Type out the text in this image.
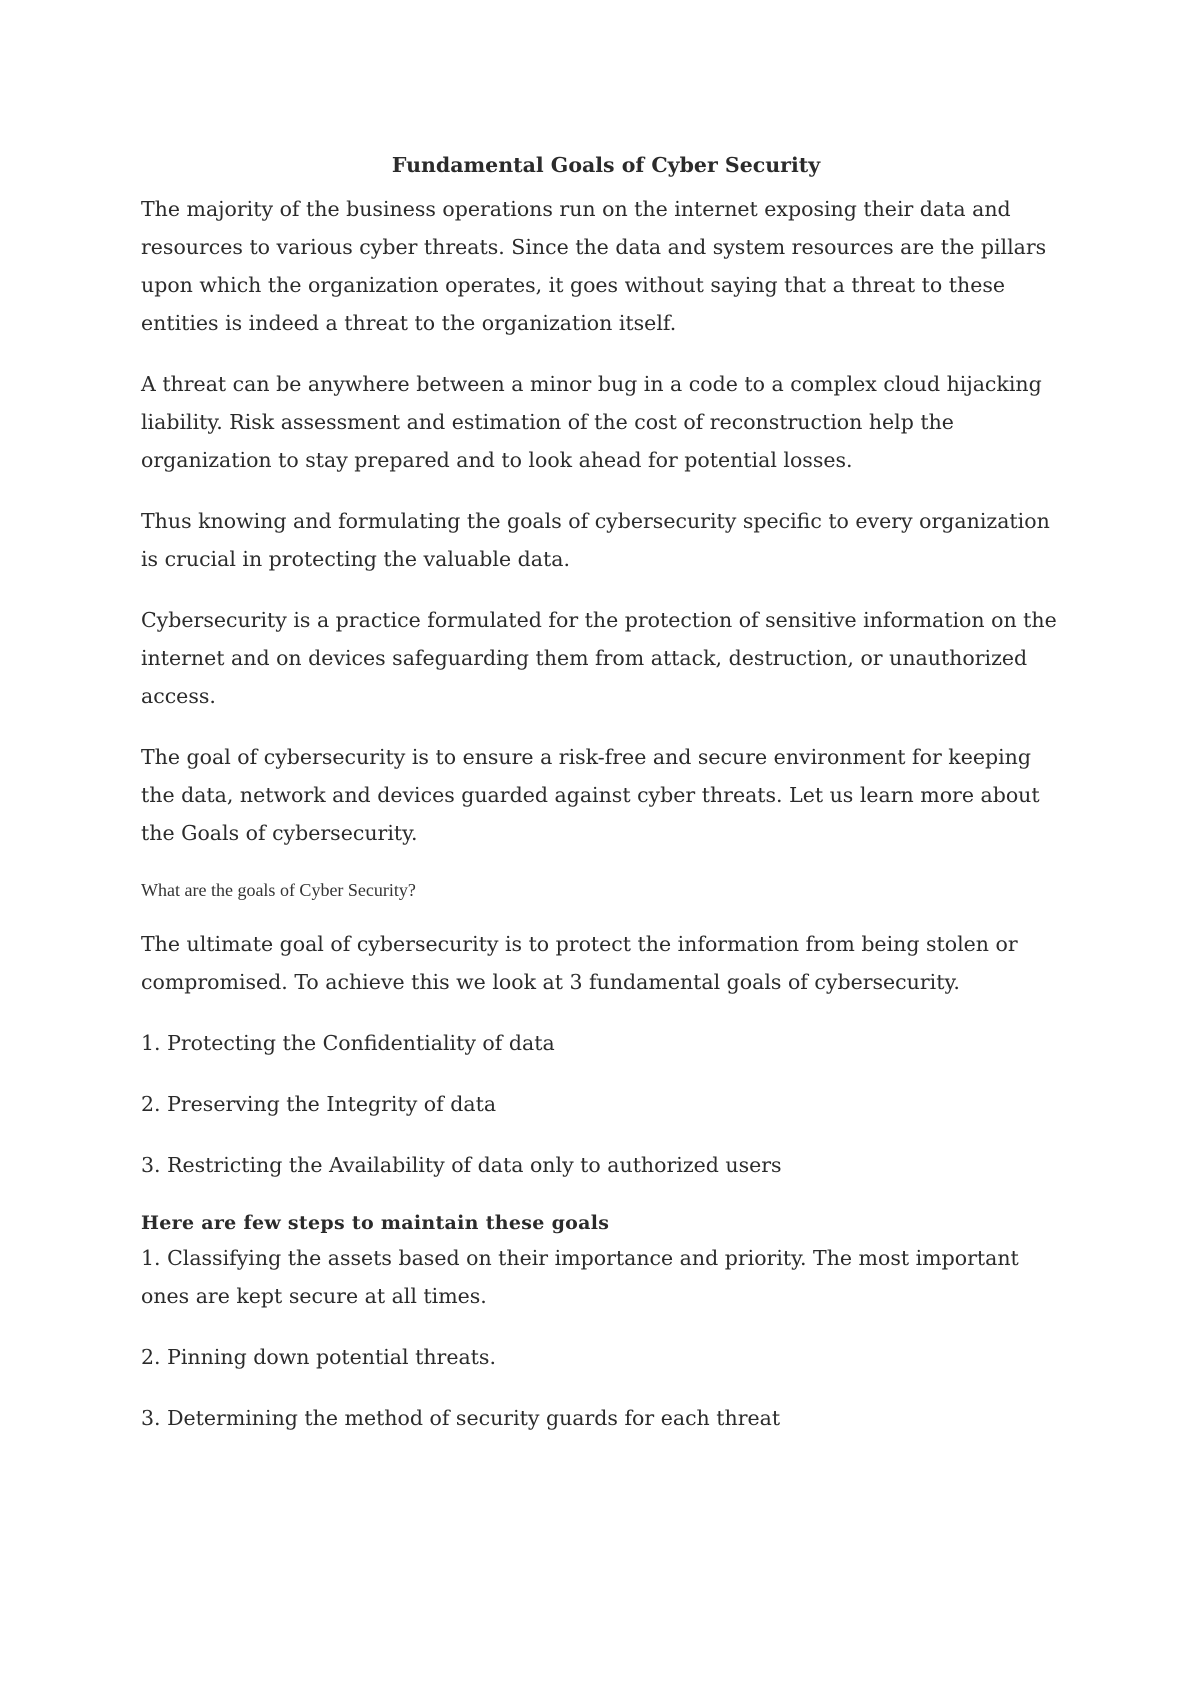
Fundamental Goals of Cyber Security

The majority of the business operations run on the internet exposing their data and resources to various cyber threats. Since the data and system resources are the pillars upon which the organization operates, it goes without saying that a threat to these entities is indeed a threat to the organization itself.

A threat can be anywhere between a minor bug in a code to a complex cloud hijacking liability. Risk assessment and estimation of the cost of reconstruction help the organization to stay prepared and to look ahead for potential losses.

Thus knowing and formulating the goals of cybersecurity specific to every organization is crucial in protecting the valuable data.

Cybersecurity is a practice formulated for the protection of sensitive information on the internet and on devices safeguarding them from attack, destruction, or unauthorized access.

The goal of cybersecurity is to ensure a risk-free and secure environment for keeping the data, network and devices guarded against cyber threats. Let us learn more about the Goals of cybersecurity.

What are the goals of Cyber Security?

The ultimate goal of cybersecurity is to protect the information from being stolen or compromised. To achieve this we look at 3 fundamental goals of cybersecurity.

1. Protecting the Confidentiality of data
2. Preserving the Integrity of data
3. Restricting the Availability of data only to authorized users
Here are few steps to maintain these goals
1. Classifying the assets based on their importance and priority. The most important ones are kept secure at all times.
2. Pinning down potential threats.
3. Determining the method of security guards for each threat
